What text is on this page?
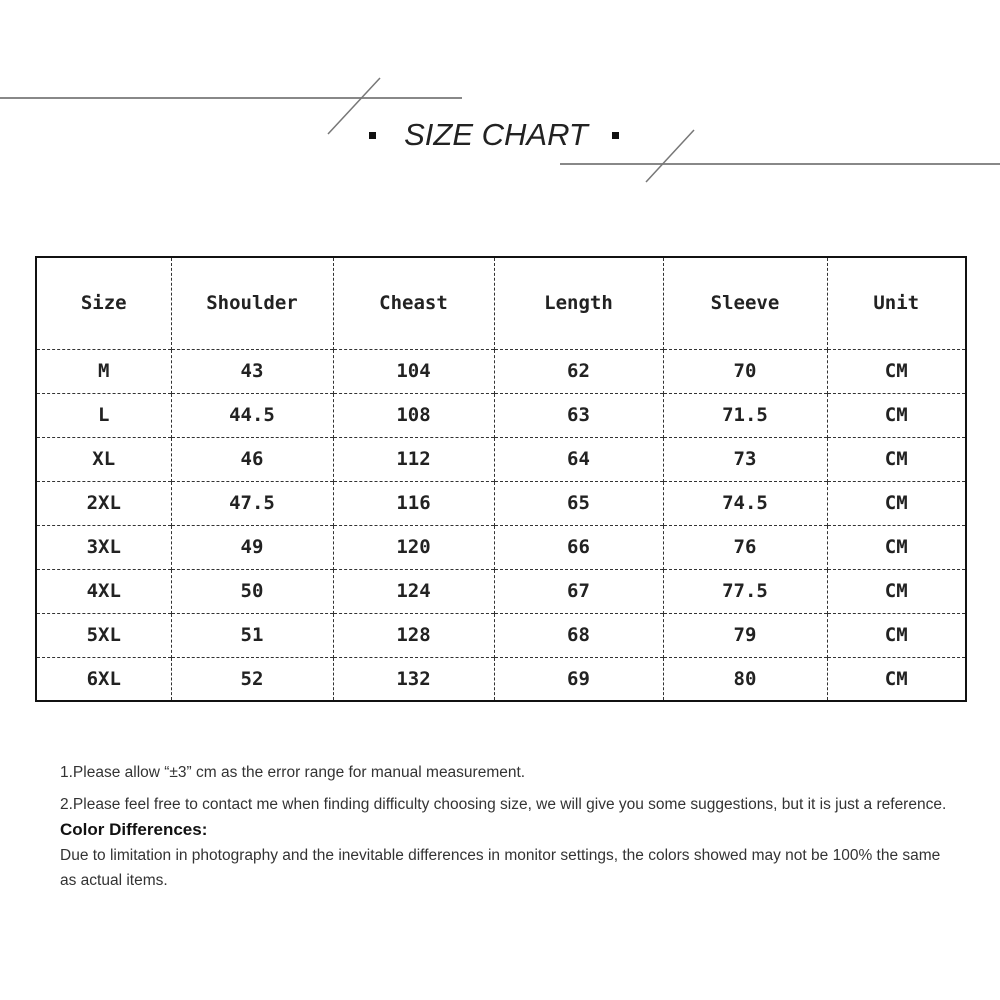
SIZE CHART
Size	Shoulder	Cheast	Length	Sleeve	Unit
M	43	104	62	70	CM
L	44.5	108	63	71.5	CM
XL	46	112	64	73	CM
2XL	47.5	116	65	74.5	CM
3XL	49	120	66	76	CM
4XL	50	124	67	77.5	CM
5XL	51	128	68	79	CM
6XL	52	132	69	80	CM

1.Please allow “±3” cm as the error range for manual measurement.

2.Please feel free to contact me when finding difficulty choosing size, we will give you some suggestions, but it is just a reference.

Color Differences:

Due to limitation in photography and the inevitable differences in monitor settings, the colors showed may not be 100% the same as actual items.
